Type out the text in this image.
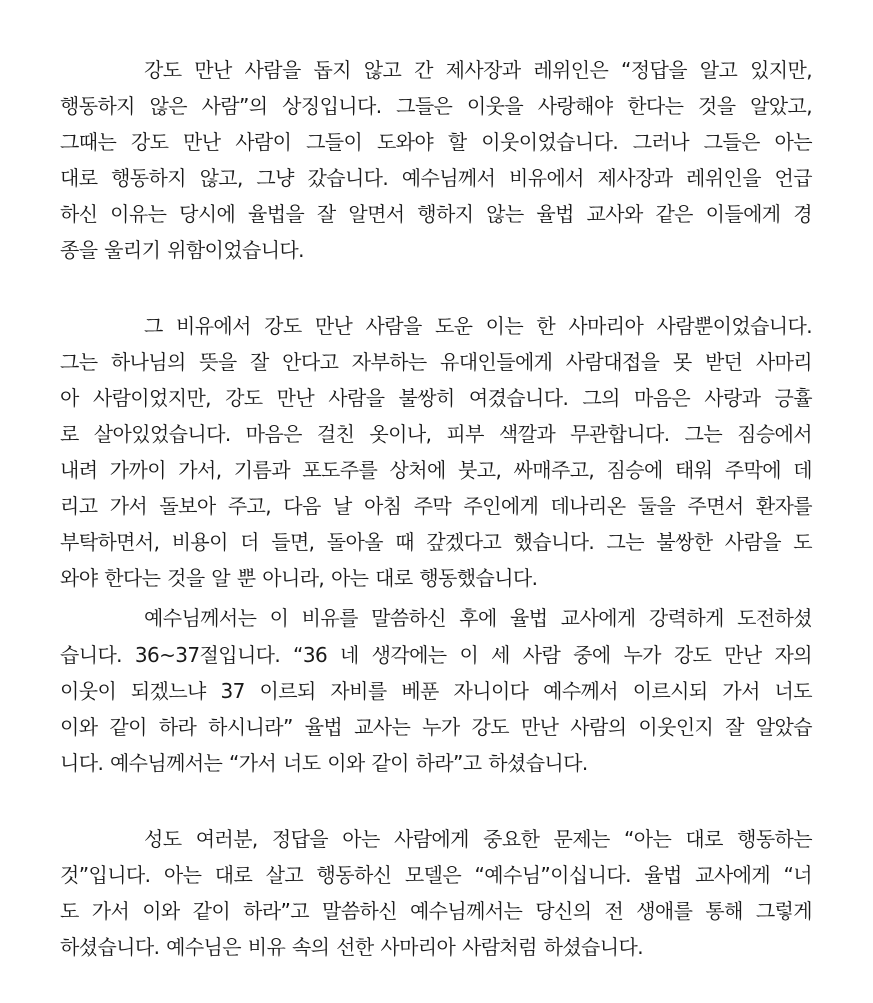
강도 만난 사람을 돕지 않고 간 제사장과 레위인은 “정답을 알고 있지만,
행동하지 않은 사람”의 상징입니다. 그들은 이웃을 사랑해야 한다는 것을 알았고,
그때는 강도 만난 사람이 그들이 도와야 할 이웃이었습니다. 그러나 그들은 아는
대로 행동하지 않고, 그냥 갔습니다. 예수님께서 비유에서 제사장과 레위인을 언급
하신 이유는 당시에 율법을 잘 알면서 행하지 않는 율법 교사와 같은 이들에게 경
종을 울리기 위함이었습니다.
그 비유에서 강도 만난 사람을 도운 이는 한 사마리아 사람뿐이었습니다.
그는 하나님의 뜻을 잘 안다고 자부하는 유대인들에게 사람대접을 못 받던 사마리
아 사람이었지만, 강도 만난 사람을 불쌍히 여겼습니다. 그의 마음은 사랑과 긍휼
로 살아있었습니다. 마음은 걸친 옷이나, 피부 색깔과 무관합니다. 그는 짐승에서
내려 가까이 가서, 기름과 포도주를 상처에 붓고, 싸매주고, 짐승에 태워 주막에 데
리고 가서 돌보아 주고, 다음 날 아침 주막 주인에게 데나리온 둘을 주면서 환자를
부탁하면서, 비용이 더 들면, 돌아올 때 갚겠다고 했습니다. 그는 불쌍한 사람을 도
와야 한다는 것을 알 뿐 아니라, 아는 대로 행동했습니다.
예수님께서는 이 비유를 말씀하신 후에 율법 교사에게 강력하게 도전하셨
습니다. 36~37절입니다. “36 네 생각에는 이 세 사람 중에 누가 강도 만난 자의
이웃이 되겠느냐 37 이르되 자비를 베푼 자니이다 예수께서 이르시되 가서 너도
이와 같이 하라 하시니라” 율법 교사는 누가 강도 만난 사람의 이웃인지 잘 알았습
니다. 예수님께서는 “가서 너도 이와 같이 하라”고 하셨습니다.
성도 여러분, 정답을 아는 사람에게 중요한 문제는 “아는 대로 행동하는
것”입니다. 아는 대로 살고 행동하신 모델은 “예수님”이십니다. 율법 교사에게 “너
도 가서 이와 같이 하라”고 말씀하신 예수님께서는 당신의 전 생애를 통해 그렇게
하셨습니다. 예수님은 비유 속의 선한 사마리아 사람처럼 하셨습니다.
